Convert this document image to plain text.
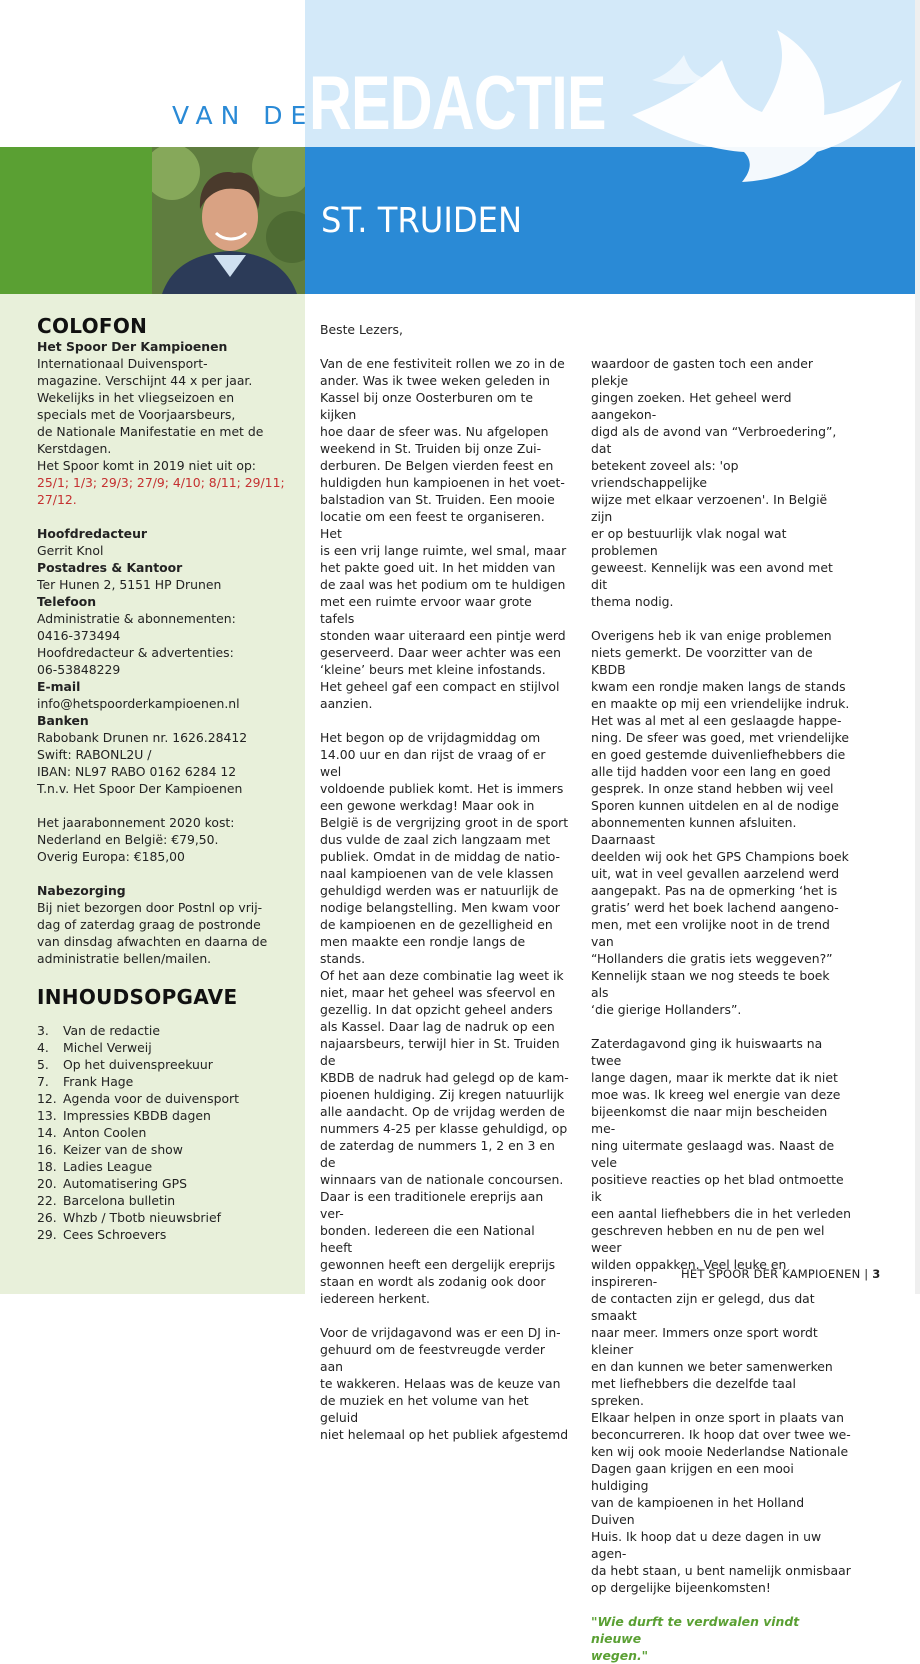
VAN DE
REDACTIE
ST. TRUIDEN
COLOFON
Het Spoor Der Kampioenen
Internationaal Duivensport-
magazine. Verschijnt 44 x per jaar.
Wekelijks in het vliegseizoen en
specials met de Voorjaarsbeurs,
de Nationale Manifestatie en met de
Kerstdagen.
Het Spoor komt in 2019 niet uit op:
25/1; 1/3; 29/3; 27/9; 4/10; 8/11; 29/11; 27/12.
Hoofdredacteur
Gerrit Knol
Postadres & Kantoor
Ter Hunen 2, 5151 HP Drunen
Telefoon
Administratie & abonnementen:
0416-373494
Hoofdredacteur & advertenties:
06-53848229
E-mail
info@hetspoorderkampioenen.nl
Banken
Rabobank Drunen nr. 1626.28412
Swift: RABONL2U /
IBAN: NL97 RABO 0162 6284 12
T.n.v. Het Spoor Der Kampioenen
Het jaarabonnement 2020 kost:
Nederland en België: €79,50.
Overig Europa: €185,00
Nabezorging
Bij niet bezorgen door Postnl op vrij-
dag of zaterdag graag de postronde
van dinsdag afwachten en daarna de
administratie bellen/mailen.
INHOUDSOPGAVE
3.	Van de redactie
4.	Michel Verweij
5.	Op het duivenspreekuur
7.	Frank Hage
12. Agenda voor de duivensport
13. Impressies KBDB dagen
14. Anton Coolen
16. Keizer van de show
18. Ladies League
20. Automatisering GPS
22. Barcelona bulletin
26. Whzb / Tbotb nieuwsbrief
29. Cees Schroevers
Beste Lezers,
Van de ene festiviteit rollen we zo in de
ander. Was ik twee weken geleden in
Kassel bij onze Oosterburen om te kijken
hoe daar de sfeer was. Nu afgelopen
weekend in St. Truiden bij onze Zui-
derburen. De Belgen vierden feest en
huldigden hun kampioenen in het voet-
balstadion van St. Truiden. Een mooie
locatie om een feest te organiseren. Het
is een vrij lange ruimte, wel smal, maar
het pakte goed uit. In het midden van
de zaal was het podium om te huldigen
met een ruimte ervoor waar grote tafels
stonden waar uiteraard een pintje werd
geserveerd. Daar weer achter was een
‘kleine’ beurs met kleine infostands.
Het geheel gaf een compact en stijlvol
aanzien.
Het begon op de vrijdagmiddag om
14.00 uur en dan rijst de vraag of er wel
voldoende publiek komt. Het is immers
een gewone werkdag! Maar ook in
België is de vergrijzing groot in de sport
dus vulde de zaal zich langzaam met
publiek. Omdat in de middag de natio-
naal kampioenen van de vele klassen
gehuldigd werden was er natuurlijk de
nodige belangstelling. Men kwam voor
de kampioenen en de gezelligheid en
men maakte een rondje langs de stands.
Of het aan deze combinatie lag weet ik
niet, maar het geheel was sfeervol en
gezellig. In dat opzicht geheel anders
als Kassel. Daar lag de nadruk op een
najaarsbeurs, terwijl hier in St. Truiden de
KBDB de nadruk had gelegd op de kam-
pioenen huldiging. Zij kregen natuurlijk
alle aandacht. Op de vrijdag werden de
nummers 4-25 per klasse gehuldigd, op
de zaterdag de nummers 1, 2 en 3 en de
winnaars van de nationale concoursen.
Daar is een traditionele ereprijs aan ver-
bonden. Iedereen die een National heeft
gewonnen heeft een dergelijk ereprijs
staan en wordt als zodanig ook door
iedereen herkent.
Voor de vrijdagavond was er een DJ in-
gehuurd om de feestvreugde verder aan
te wakkeren. Helaas was de keuze van
de muziek en het volume van het geluid
niet helemaal op het publiek afgestemd
waardoor de gasten toch een ander plekje
gingen zoeken. Het geheel werd aangekon-
digd als de avond van “Verbroedering”, dat
betekent zoveel als: 'op vriendschappelijke
wijze met elkaar verzoenen'. In België zijn
er op bestuurlijk vlak nogal wat problemen
geweest. Kennelijk was een avond met dit
thema nodig.
Overigens heb ik van enige problemen
niets gemerkt. De voorzitter van de KBDB
kwam een rondje maken langs de stands
en maakte op mij een vriendelijke indruk.
Het was al met al een geslaagde happe-
ning. De sfeer was goed, met vriendelijke
en goed gestemde duivenliefhebbers die
alle tijd hadden voor een lang en goed
gesprek. In onze stand hebben wij veel
Sporen kunnen uitdelen en al de nodige
abonnementen kunnen afsluiten. Daarnaast
deelden wij ook het GPS Champions boek
uit, wat in veel gevallen aarzelend werd
aangepakt. Pas na de opmerking ‘het is
gratis’ werd het boek lachend aangeno-
men, met een vrolijke noot in de trend van
“Hollanders die gratis iets weggeven?”
Kennelijk staan we nog steeds te boek als
‘die gierige Hollanders”.
Zaterdagavond ging ik huiswaarts na twee
lange dagen, maar ik merkte dat ik niet
moe was. Ik kreeg wel energie van deze
bijeenkomst die naar mijn bescheiden me-
ning uitermate geslaagd was. Naast de vele
positieve reacties op het blad ontmoette ik
een aantal liefhebbers die in het verleden
geschreven hebben en nu de pen wel weer
wilden oppakken. Veel leuke en inspireren-
de contacten zijn er gelegd, dus dat smaakt
naar meer. Immers onze sport wordt kleiner
en dan kunnen we beter samenwerken
met liefhebbers die dezelfde taal spreken.
Elkaar helpen in onze sport in plaats van
beconcurreren. Ik hoop dat over twee we-
ken wij ook mooie Nederlandse Nationale
Dagen gaan krijgen en een mooi huldiging
van de kampioenen in het Holland Duiven
Huis. Ik hoop dat u deze dagen in uw agen-
da hebt staan, u bent namelijk onmisbaar
op dergelijke bijeenkomsten!
"Wie durft te verdwalen vindt nieuwe
wegen."
HET SPOOR DER KAMPIOENEN | 3
